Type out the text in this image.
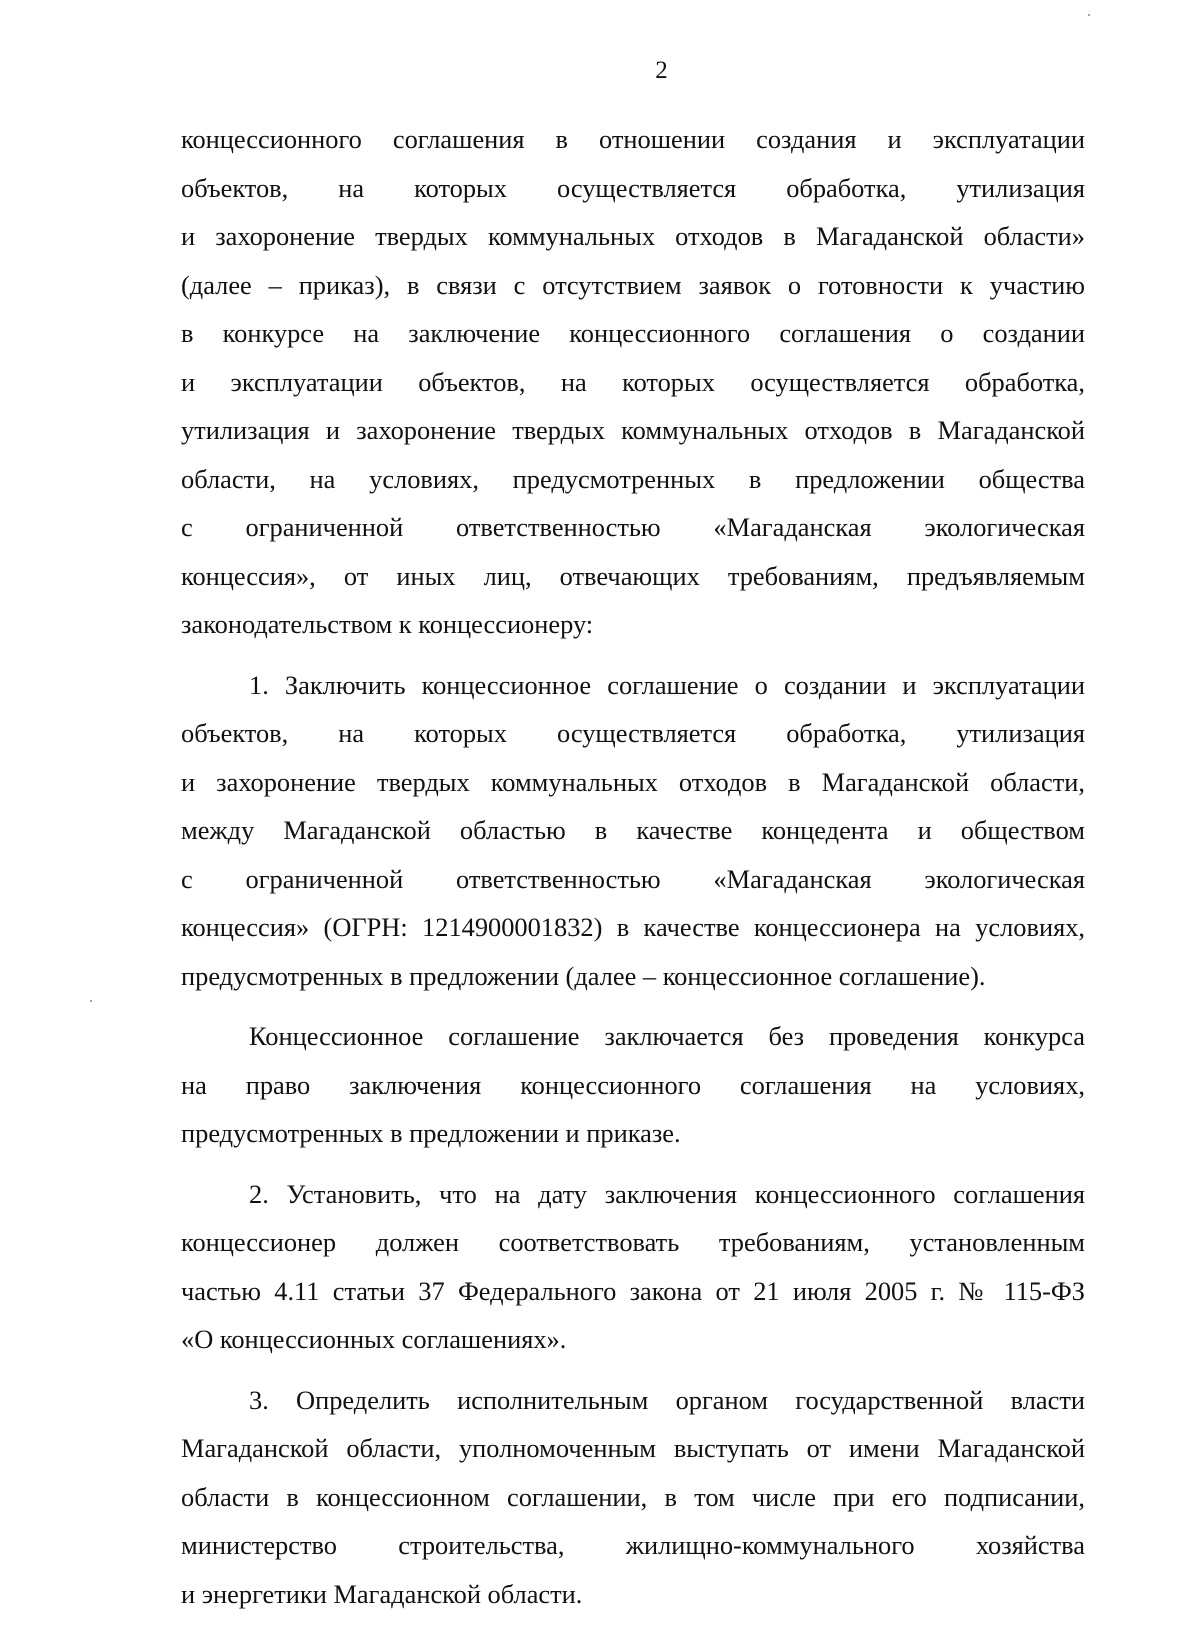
2
концессионного соглашения в отношении создания и эксплуатации
объектов, на которых осуществляется обработка, утилизация
и захоронение твердых коммунальных отходов в Магаданской области»
(далее – приказ), в связи с отсутствием заявок о готовности к участию
в конкурсе на заключение концессионного соглашения о создании
и эксплуатации объектов, на которых осуществляется обработка,
утилизация и захоронение твердых коммунальных отходов в Магаданской
области, на условиях, предусмотренных в предложении общества
с ограниченной ответственностью «Магаданская экологическая
концессия», от иных лиц, отвечающих требованиям, предъявляемым
законодательством к концессионеру:
1. Заключить концессионное соглашение о создании и эксплуатации
объектов, на которых осуществляется обработка, утилизация
и захоронение твердых коммунальных отходов в Магаданской области,
между Магаданской областью в качестве концедента и обществом
с ограниченной ответственностью «Магаданская экологическая
концессия» (ОГРН: 1214900001832) в качестве концессионера на условиях,
предусмотренных в предложении (далее – концессионное соглашение).
Концессионное соглашение заключается без проведения конкурса
на право заключения концессионного соглашения на условиях,
предусмотренных в предложении и приказе.
2. Установить, что на дату заключения концессионного соглашения
концессионер должен соответствовать требованиям, установленным
частью 4.11 статьи 37 Федерального закона от 21 июля 2005 г. № 115-ФЗ
«О концессионных соглашениях».
3. Определить исполнительным органом государственной власти
Магаданской области, уполномоченным выступать от имени Магаданской
области в концессионном соглашении, в том числе при его подписании,
министерство строительства, жилищно-коммунального хозяйства
и энергетики Магаданской области.
